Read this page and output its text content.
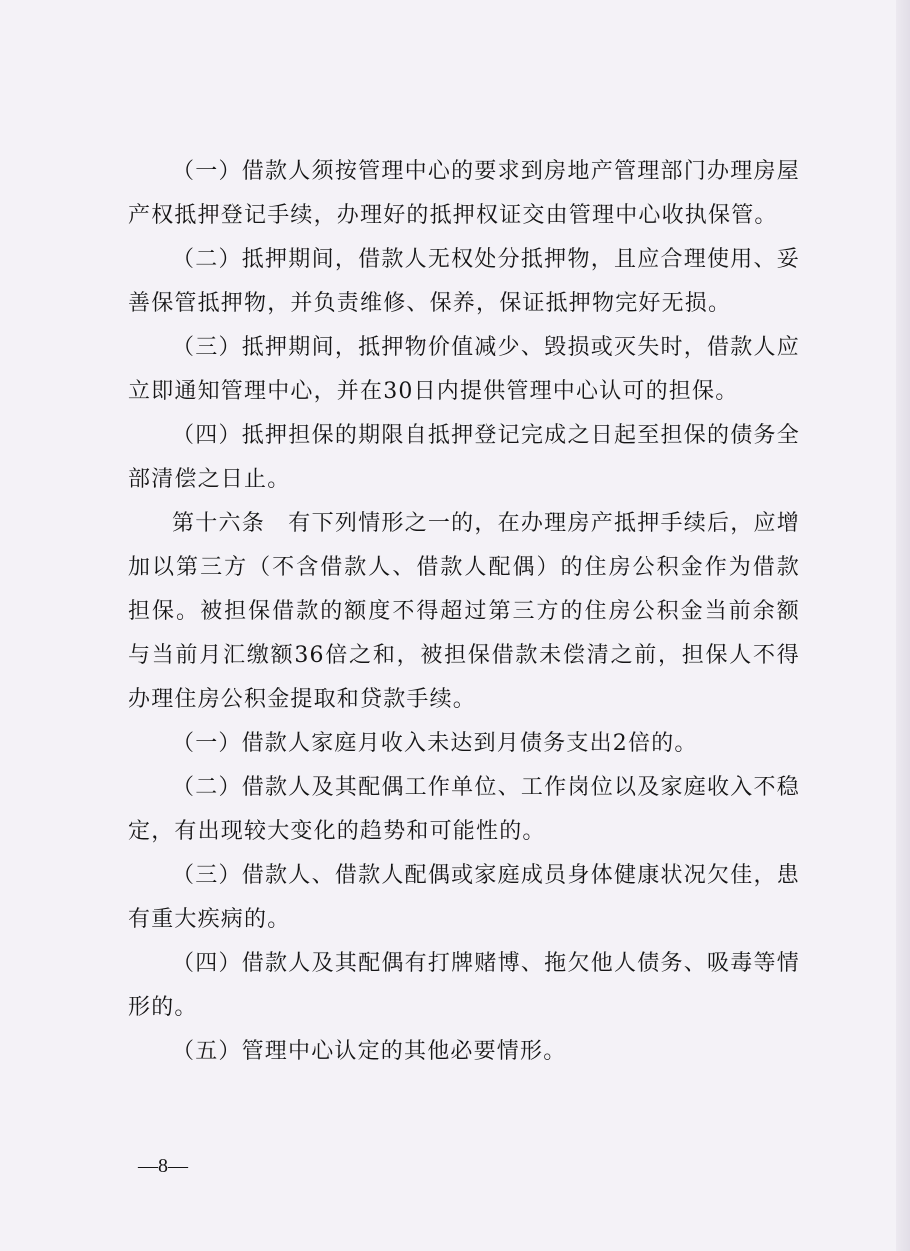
（一）借款人须按管理中心的要求到房地产管理部门办理房屋产权抵押登记手续，办理好的抵押权证交由管理中心收执保管。

（二）抵押期间，借款人无权处分抵押物，且应合理使用、妥善保管抵押物，并负责维修、保养，保证抵押物完好无损。

（三）抵押期间，抵押物价值减少、毁损或灭失时，借款人应立即通知管理中心，并在30日内提供管理中心认可的担保。

（四）抵押担保的期限自抵押登记完成之日起至担保的债务全部清偿之日止。

第十六条　有下列情形之一的，在办理房产抵押手续后，应增加以第三方（不含借款人、借款人配偶）的住房公积金作为借款担保。被担保借款的额度不得超过第三方的住房公积金当前余额与当前月汇缴额36倍之和，被担保借款未偿清之前，担保人不得办理住房公积金提取和贷款手续。

（一）借款人家庭月收入未达到月债务支出2倍的。

（二）借款人及其配偶工作单位、工作岗位以及家庭收入不稳定，有出现较大变化的趋势和可能性的。

（三）借款人、借款人配偶或家庭成员身体健康状况欠佳，患有重大疾病的。

（四）借款人及其配偶有打牌赌博、拖欠他人债务、吸毒等情形的。

（五）管理中心认定的其他必要情形。

—8—
